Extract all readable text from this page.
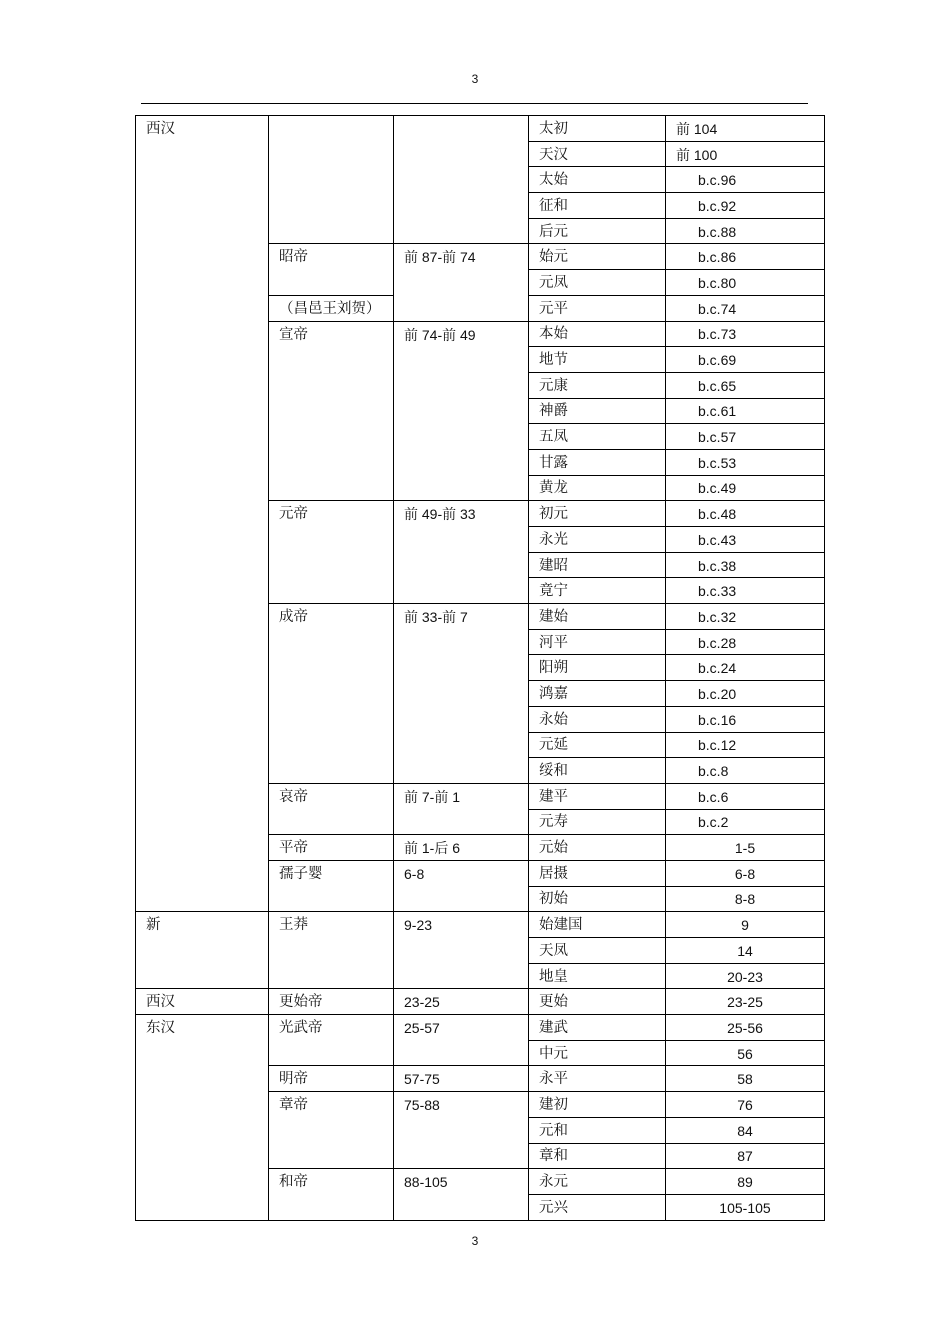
3
西汉			太初	前 104
			天汉	前 100
			太始	b.c.96
			征和	b.c.92
			后元	b.c.88
	昭帝	前 87-前 74	始元	b.c.86
			元凤	b.c.80
	（昌邑王刘贺）		元平	b.c.74
	宣帝	前 74-前 49	本始	b.c.73
			地节	b.c.69
			元康	b.c.65
			神爵	b.c.61
			五凤	b.c.57
			甘露	b.c.53
			黄龙	b.c.49
	元帝	前 49-前 33	初元	b.c.48
			永光	b.c.43
			建昭	b.c.38
			竟宁	b.c.33
	成帝	前 33-前 7	建始	b.c.32
			河平	b.c.28
			阳朔	b.c.24
			鸿嘉	b.c.20
			永始	b.c.16
			元延	b.c.12
			绥和	b.c.8
	哀帝	前 7-前 1	建平	b.c.6
			元寿	b.c.2
	平帝	前 1-后 6	元始	1-5
	孺子婴	6-8	居摄	6-8
			初始	8-8
新	王莽	9-23	始建国	9
			天凤	14
			地皇	20-23
西汉	更始帝	23-25	更始	23-25
东汉	光武帝	25-57	建武	25-56
			中元	56
	明帝	57-75	永平	58
	章帝	75-88	建初	76
			元和	84
			章和	87
	和帝	88-105	永元	89
			元兴	105-105
3
